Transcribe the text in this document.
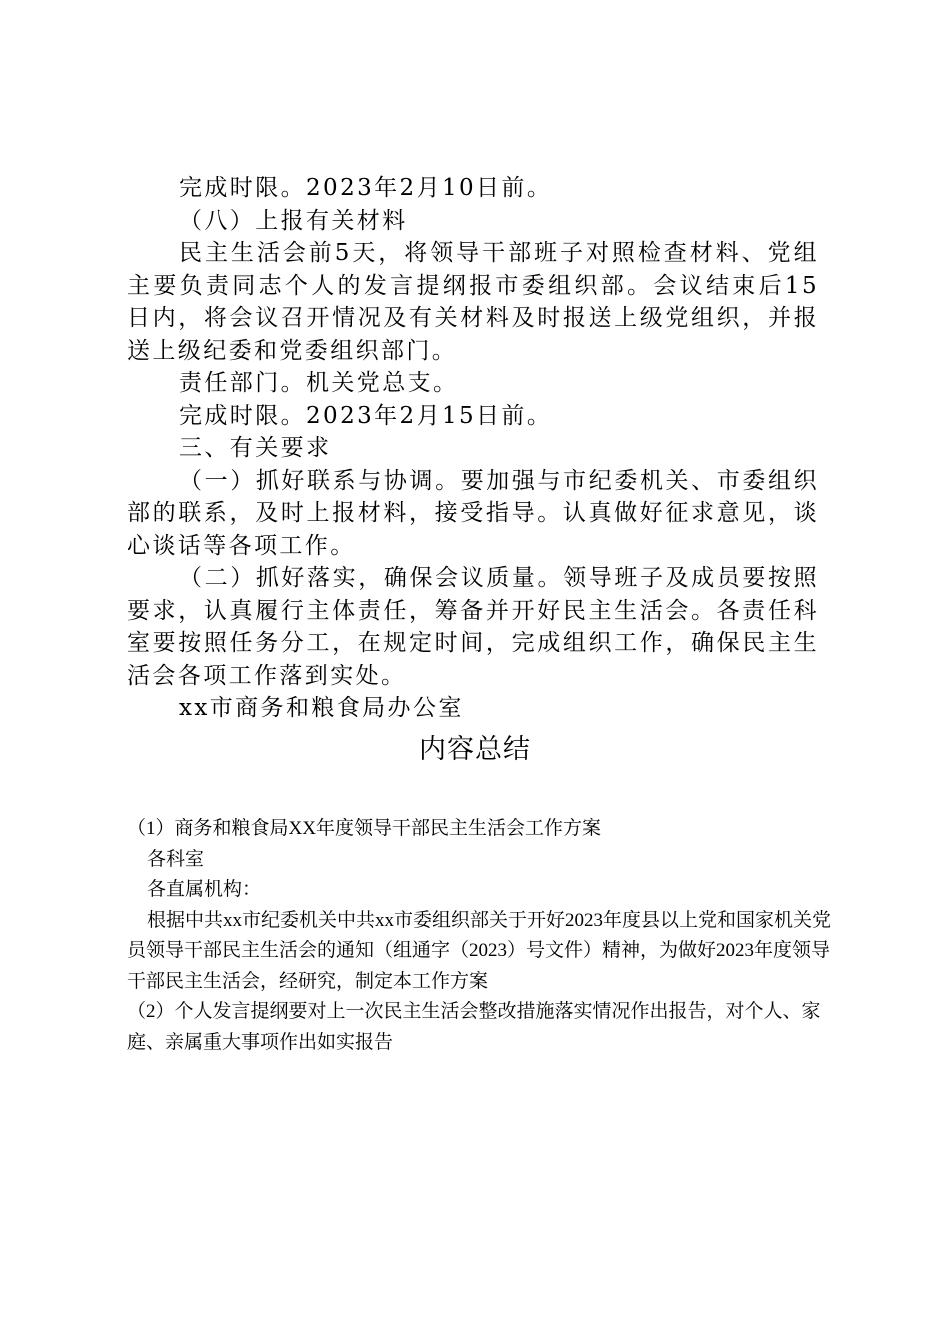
完成时限。2023年2月10日前。

（八）上报有关材料

民主生活会前5天，将领导干部班子对照检查材料、党组主要负责同志个人的发言提纲报市委组织部。会议结束后15日内，将会议召开情况及有关材料及时报送上级党组织，并报送上级纪委和党委组织部门。

责任部门。机关党总支。

完成时限。2023年2月15日前。

三、有关要求

（一）抓好联系与协调。要加强与市纪委机关、市委组织部的联系，及时上报材料，接受指导。认真做好征求意见，谈心谈话等各项工作。

（二）抓好落实，确保会议质量。领导班子及成员要按照要求，认真履行主体责任，筹备并开好民主生活会。各责任科室要按照任务分工，在规定时间，完成组织工作，确保民主生活会各项工作落到实处。

xx市商务和粮食局办公室

内容总结

（1）商务和粮食局XX年度领导干部民主生活会工作方案

各科室

各直属机构：

根据中共xx市纪委机关中共xx市委组织部关于开好2023年度县以上党和国家机关党员领导干部民主生活会的通知（组通字（2023）号文件）精神，为做好2023年度领导干部民主生活会，经研究，制定本工作方案

（2）个人发言提纲要对上一次民主生活会整改措施落实情况作出报告，对个人、家庭、亲属重大事项作出如实报告
